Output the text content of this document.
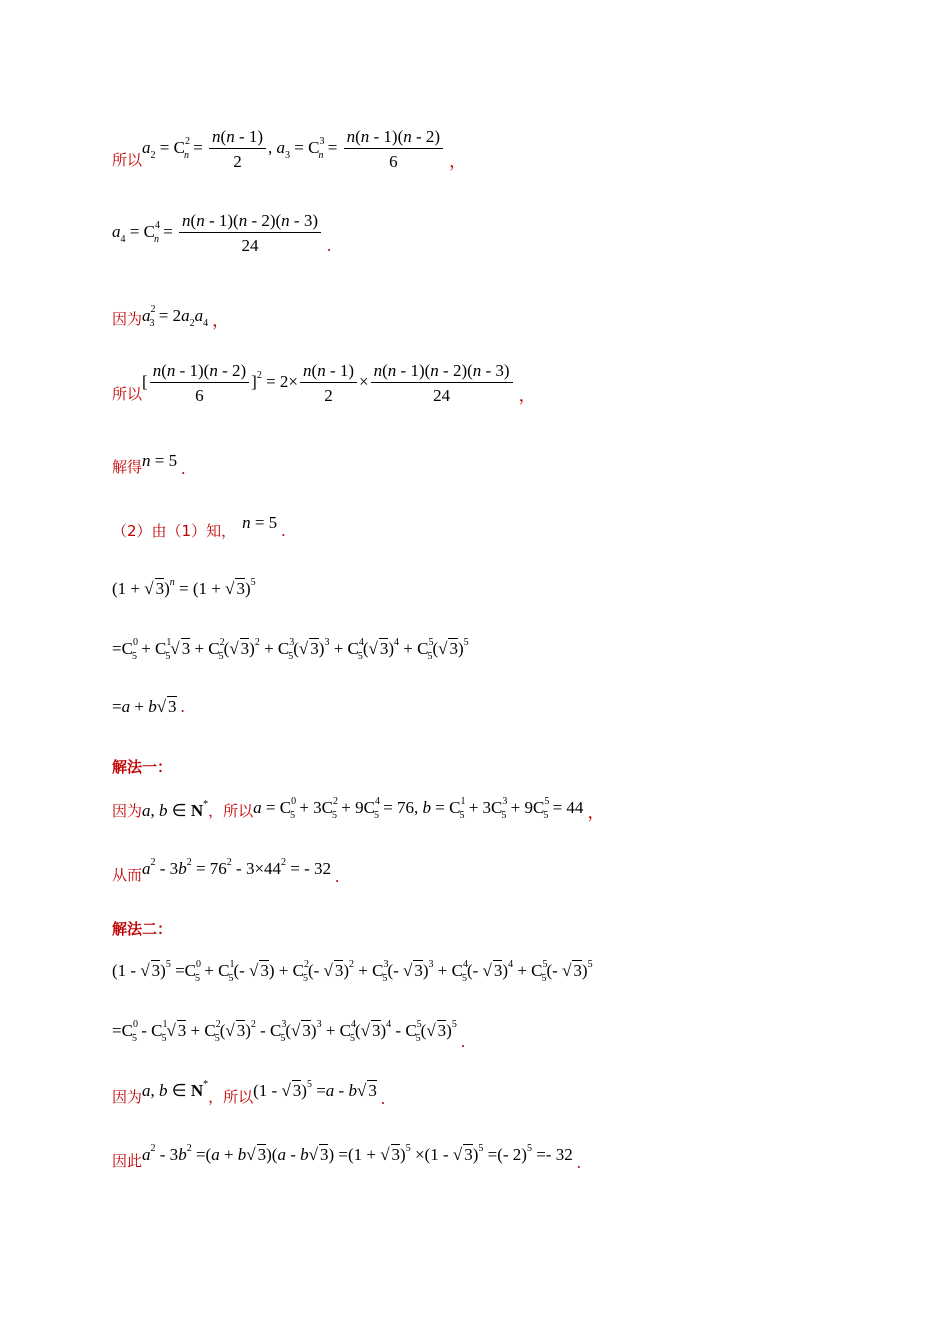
所以
$a_2 = C^2_n = \frac{n(n - 1)}{2}$ , $a_3 = C^3_n = \frac{n(n - 1)(n - 2)}{6}$ ，
$a_4 = C^4_n = \frac{n(n - 1)(n - 2)(n - 3)}{24}$ .
因为 $a^2_3 = 2a_2a_4$ ，
所以
[ $\frac{n(n - 1)(n - 2)}{6} ]^2 = 2\times \frac{n(n - 1)}{2} \times \frac{n(n - 1)(n - 2)(n - 3)}{24}$ ，
解得 n = 5 .
（2）由（1）知， n = 5 .
(1 + √ 3)$^n$ = (1 + √ 3)$^5$
$=C^0_5 + C^1_5√$ $3 + C^2_5(√$ $3)^2 + C^3_5(√$ $3)^3 + C^4_5(√$ $3)^4 + C^5_5(√$ 3)$^5$
=a + b√ 3 .
解法一：
因为 a, b ∈ N* ，所以 $a = C^0_5 + 3C^2_5 + 9C^4_5 = 76$, $b = C^1_5 + 3C^3_5 + 9C^5_5 = 44$ ，
从而 $a^2 - 3b^2 = 76^2 - 3\times 44^2$ = - 32 .
解法二：
(1 - √ $3)^5 =C^0_5 + C^1_5(-$ √ $3) + C^2_5(-$ √ $3)^2 + C^3_5(-$ √ $3)^3 + C^4_5(-$ √ $3)^4 + C^5_5(-$ √ 3)$^5$
$=C^0_5 - C^1_5√$ $3 + C^2_5(√$ $3)^2 - C^3_5(√$ $3)^3 + C^4_5(√$ $3)^4 - C^5_5(√$ 3)$^5$
.
因为 a, b ∈ N*
，所以 (1 - √ 3)$^5$ =a - b√ 3 .
因此 $a^2 - 3b^2 =(a + b√$ 3)(a - b√ 3) =(1 + √ 3)$^5$ ×(1 - √ 3)$^5$ =(- 2)$^5$ =- 32 .
